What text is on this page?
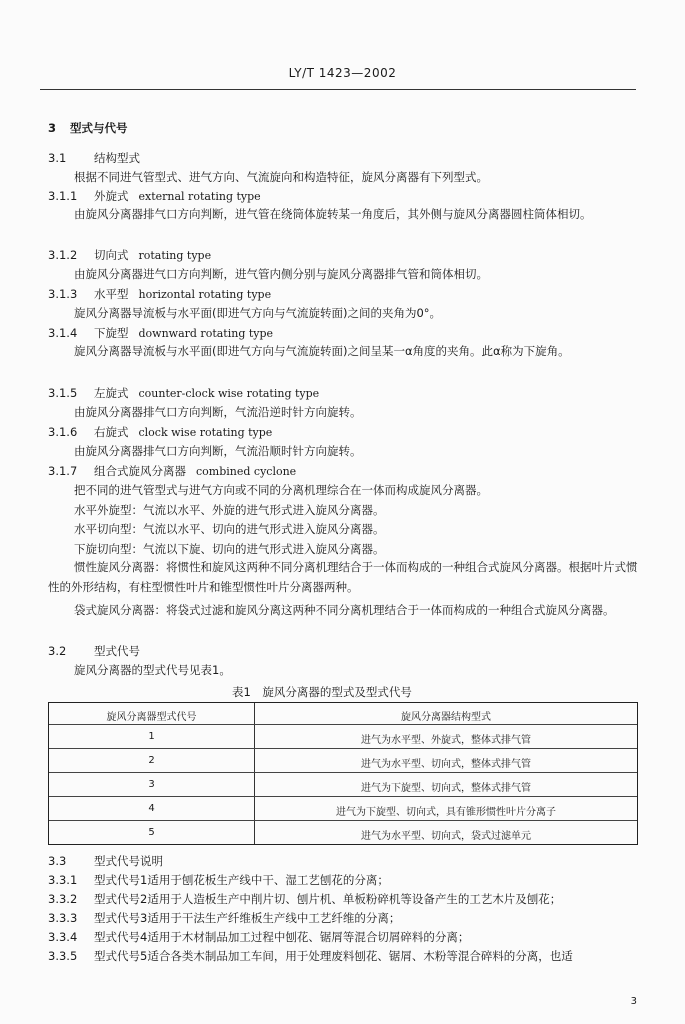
LY/T 1423—2002
3 型式与代号
3.1 结构型式
根据不同进气管型式、进气方向、气流旋向和构造特征，旋风分离器有下列型式。
3.1.1 外旋式 external rotating type
由旋风分离器排气口方向判断，进气管在绕筒体旋转某一角度后，其外侧与旋风分离器圆柱筒体相切。
3.1.2 切向式 rotating type
由旋风分离器进气口方向判断，进气管内侧分别与旋风分离器排气管和筒体相切。
3.1.3 水平型 horizontal rotating type
旋风分离器导流板与水平面(即进气方向与气流旋转面)之间的夹角为0°。
3.1.4 下旋型 downward rotating type
旋风分离器导流板与水平面(即进气方向与气流旋转面)之间呈某一α角度的夹角。此α称为下旋角。
3.1.5 左旋式 counter-clock wise rotating type
由旋风分离器排气口方向判断，气流沿逆时针方向旋转。
3.1.6 右旋式 clock wise rotating type
由旋风分离器排气口方向判断，气流沿顺时针方向旋转。
3.1.7 组合式旋风分离器 combined cyclone
把不同的进气管型式与进气方向或不同的分离机理综合在一体而构成旋风分离器。
水平外旋型：气流以水平、外旋的进气形式进入旋风分离器。
水平切向型：气流以水平、切向的进气形式进入旋风分离器。
下旋切向型：气流以下旋、切向的进气形式进入旋风分离器。
惯性旋风分离器：将惯性和旋风这两种不同分离机理结合于一体而构成的一种组合式旋风分离器。根据叶片式惯性的外形结构，有柱型惯性叶片和锥型惯性叶片分离器两种。
袋式旋风分离器：将袋式过滤和旋风分离这两种不同分离机理结合于一体而构成的一种组合式旋风分离器。
3.2 型式代号
旋风分离器的型式代号见表1。
表1　旋风分离器的型式及型式代号
旋风分离器型式代号	旋风分离器结构型式
1	进气为水平型、外旋式，整体式排气管
2	进气为水平型、切向式，整体式排气管
3	进气为下旋型、切向式，整体式排气管
4	进气为下旋型、切向式，具有锥形惯性叶片分离子
5	进气为水平型、切向式，袋式过滤单元
3.3 型式代号说明
3.3.1 型式代号1适用于刨花板生产线中干、湿工艺刨花的分离；
3.3.2 型式代号2适用于人造板生产中削片切、刨片机、单板粉碎机等设备产生的工艺木片及刨花；
3.3.3 型式代号3适用于干法生产纤维板生产线中工艺纤维的分离；
3.3.4 型式代号4适用于木材制品加工过程中刨花、锯屑等混合切屑碎料的分离；
3.3.5 型式代号5适合各类木制品加工车间，用于处理废料刨花、锯屑、木粉等混合碎料的分离，也适
3
